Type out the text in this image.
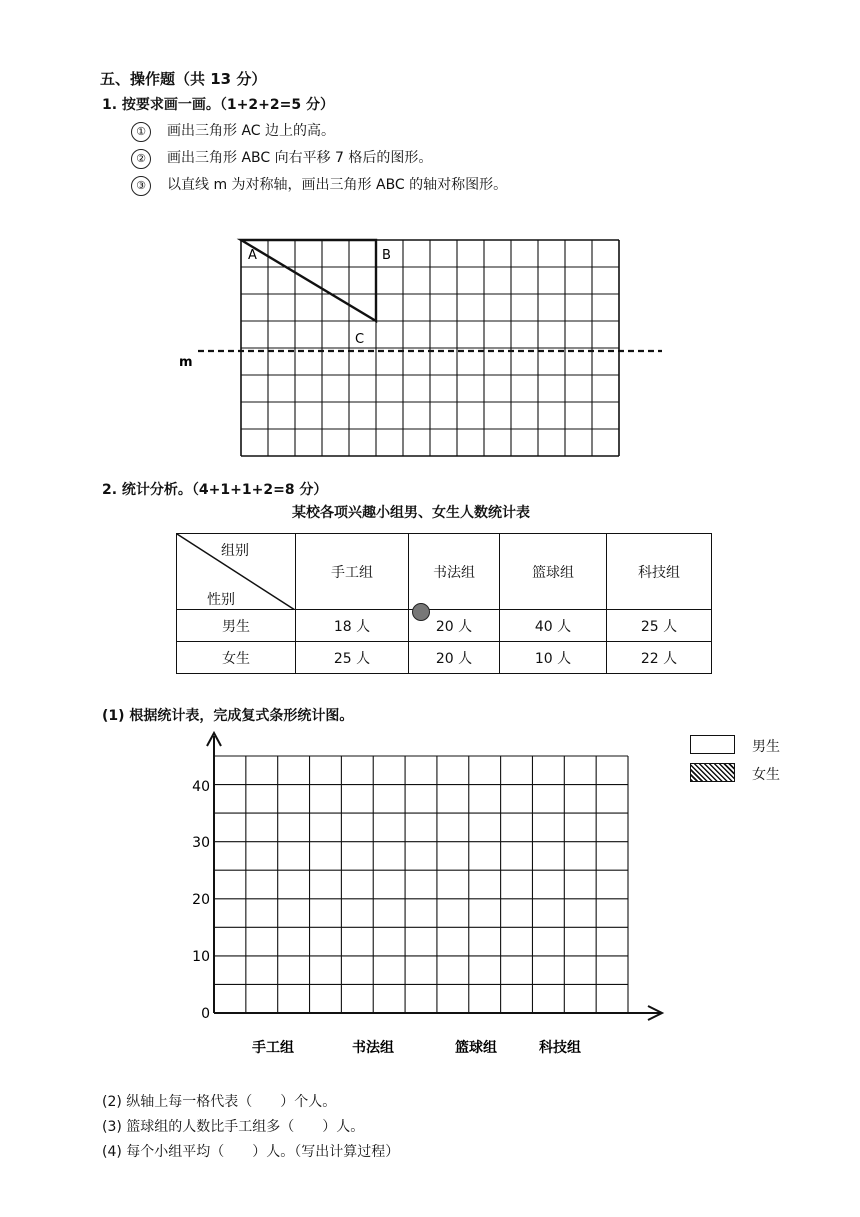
五、操作题（共 13 分）
1. 按要求画一画。（1+2+2=5 分）
① 画出三角形 AC 边上的高。
② 画出三角形 ABC 向右平移 7 格后的图形。
③ 以直线 m 为对称轴，画出三角形 ABC 的轴对称图形。
A	B
C
m
2. 统计分析。（4+1+1+2=8 分）
某校各项兴趣小组男、女生人数统计表
组别
性别	手工组	书法组	篮球组	科技组
男生	18 人	20 人	40 人	25 人
女生	25 人	20 人	10 人	22 人
(1) 根据统计表，完成复式条形统计图。
男生
女生
40
30
20
10
0
手工组	书法组	篮球组	科技组
(2) 纵轴上每一格代表（　　）个人。
(3) 篮球组的人数比手工组多（　　）人。
(4) 每个小组平均（　　）人。（写出计算过程）
